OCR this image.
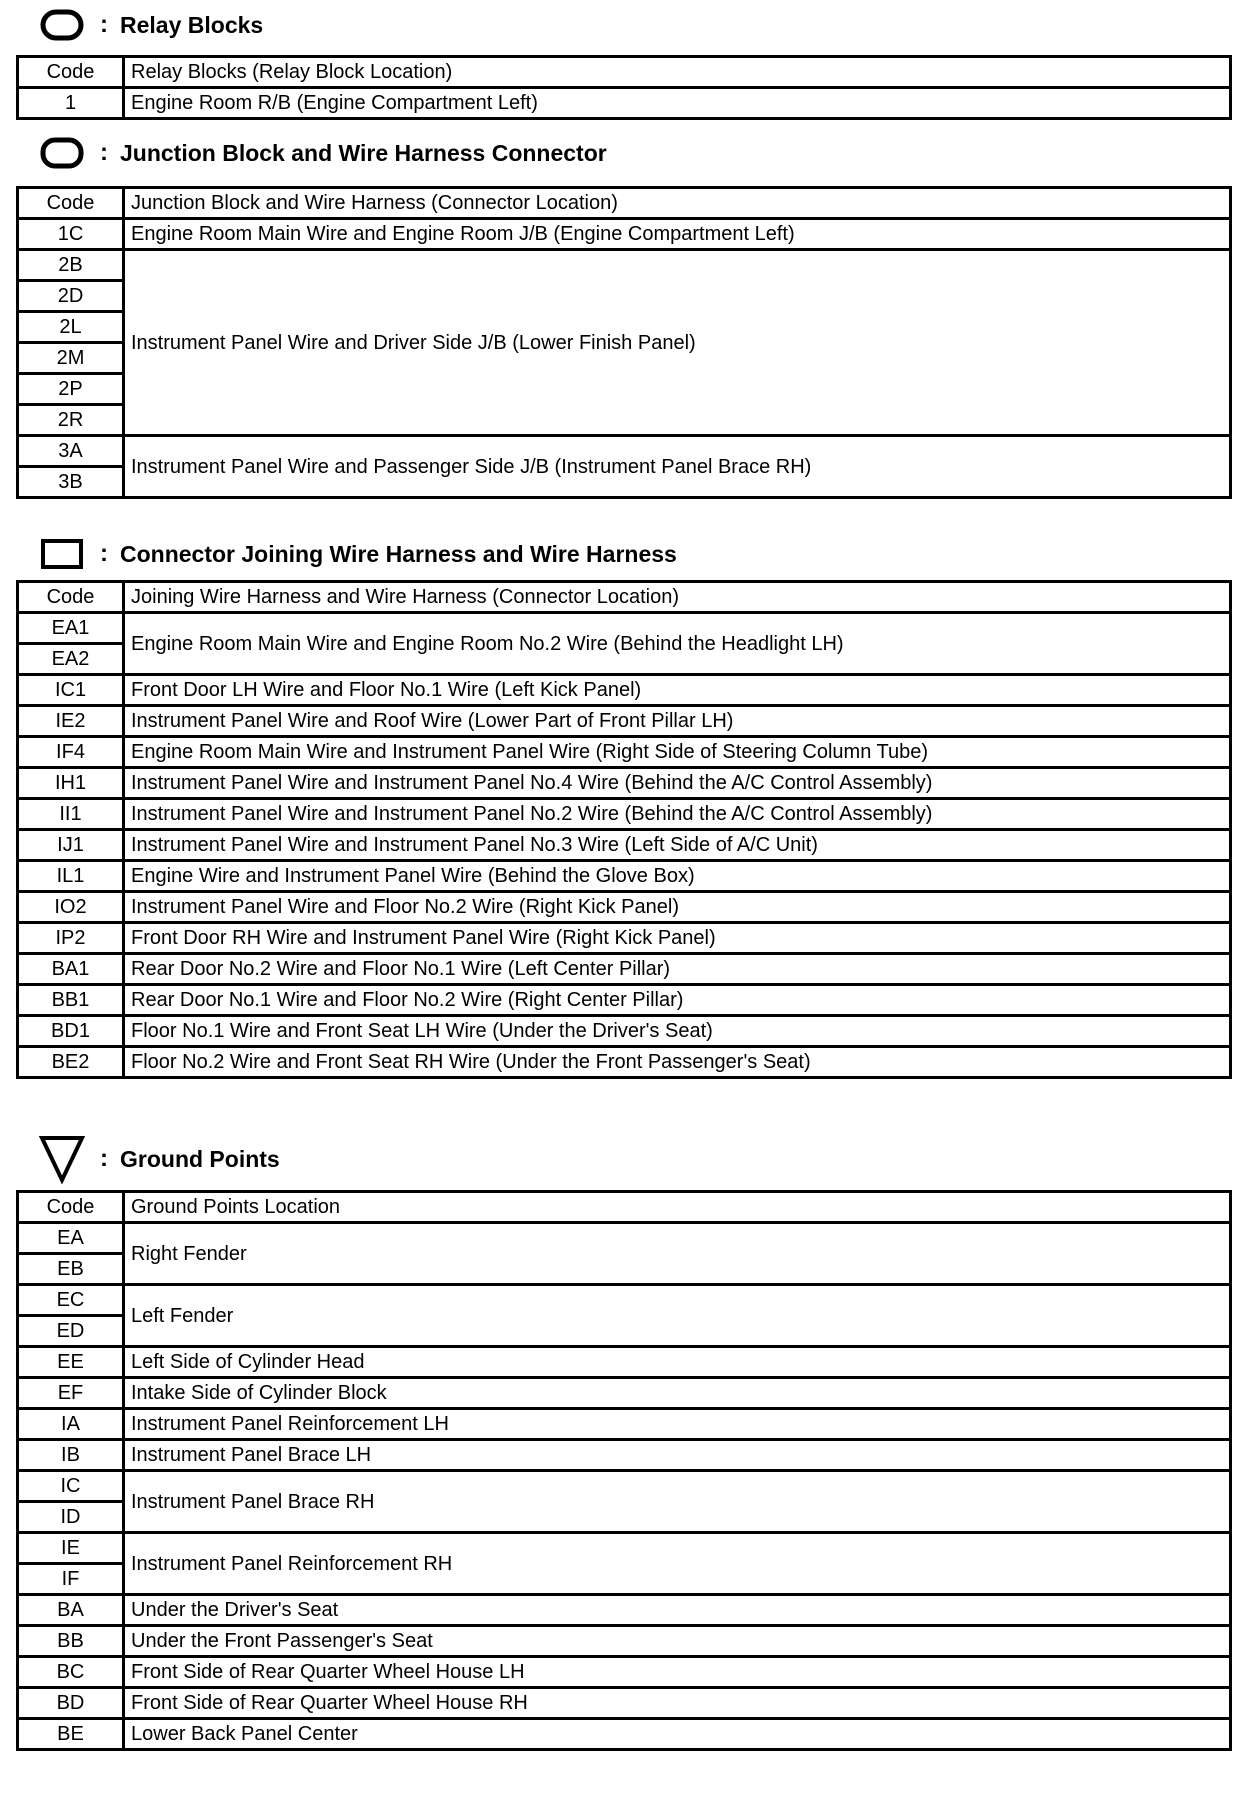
: Relay Blocks
Code	Relay Blocks (Relay Block Location)
1	Engine Room R/B (Engine Compartment Left)
: Junction Block and Wire Harness Connector
Code	Junction Block and Wire Harness (Connector Location)
1C	Engine Room Main Wire and Engine Room J/B (Engine Compartment Left)
2B	Instrument Panel Wire and Driver Side J/B (Lower Finish Panel)
2D	
2L	
2M	
2P	
2R	
3A	Instrument Panel Wire and Passenger Side J/B (Instrument Panel Brace RH)
3B	
: Connector Joining Wire Harness and Wire Harness
Code	Joining Wire Harness and Wire Harness (Connector Location)
EA1	Engine Room Main Wire and Engine Room No.2 Wire (Behind the Headlight LH)
EA2	
IC1	Front Door LH Wire and Floor No.1 Wire (Left Kick Panel)
IE2	Instrument Panel Wire and Roof Wire (Lower Part of Front Pillar LH)
IF4	Engine Room Main Wire and Instrument Panel Wire (Right Side of Steering Column Tube)
IH1	Instrument Panel Wire and Instrument Panel No.4 Wire (Behind the A/C Control Assembly)
II1	Instrument Panel Wire and Instrument Panel No.2 Wire (Behind the A/C Control Assembly)
IJ1	Instrument Panel Wire and Instrument Panel No.3 Wire (Left Side of A/C Unit)
IL1	Engine Wire and Instrument Panel Wire (Behind the Glove Box)
IO2	Instrument Panel Wire and Floor No.2 Wire (Right Kick Panel)
IP2	Front Door RH Wire and Instrument Panel Wire (Right Kick Panel)
BA1	Rear Door No.2 Wire and Floor No.1 Wire (Left Center Pillar)
BB1	Rear Door No.1 Wire and Floor No.2 Wire (Right Center Pillar)
BD1	Floor No.1 Wire and Front Seat LH Wire (Under the Driver's Seat)
BE2	Floor No.2 Wire and Front Seat RH Wire (Under the Front Passenger's Seat)
: Ground Points
Code	Ground Points Location
EA	Right Fender
EB	
EC	Left Fender
ED	
EE	Left Side of Cylinder Head
EF	Intake Side of Cylinder Block
IA	Instrument Panel Reinforcement LH
IB	Instrument Panel Brace LH
IC	Instrument Panel Brace RH
ID	
IE	Instrument Panel Reinforcement RH
IF	
BA	Under the Driver's Seat
BB	Under the Front Passenger's Seat
BC	Front Side of Rear Quarter Wheel House LH
BD	Front Side of Rear Quarter Wheel House RH
BE	Lower Back Panel Center
